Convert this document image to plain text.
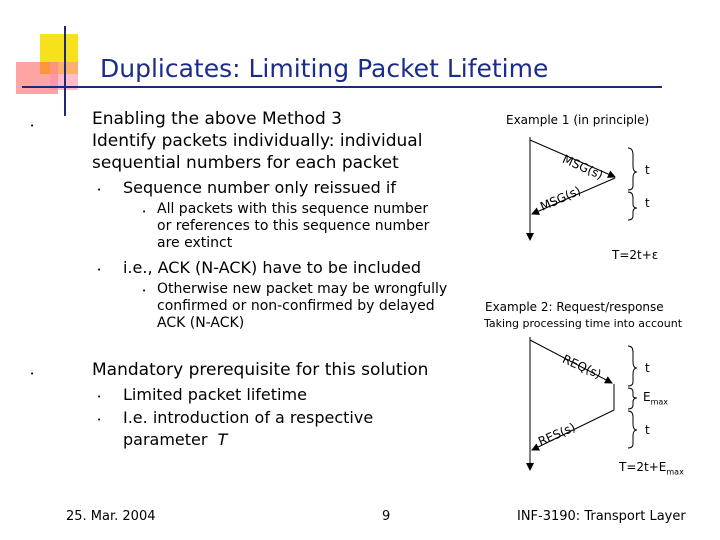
Duplicates: Limiting Packet Lifetime
•	Enabling the above Method 3
Identify packets individually: individual
sequential numbers for each packet
• Sequence number only reissued if
• All packets with this sequence number
or references to this sequence number
are extinct
• i.e., ACK (N-ACK) have to be included
• Otherwise new packet may be wrongfully
confirmed or non-confirmed by delayed
ACK (N-ACK)
•	Mandatory prerequisite for this solution
• Limited packet lifetime
• I.e. introduction of a respective
parameter T
Example 1 (in principle)
MSG(s)
MSG(s)
t
t
T=2t+ε
Example 2: Request/response
Taking processing time into account
REQ(s)
RES(s)
t
$E_{max}$
t
$T=2t+E_{max}$
25. Mar. 2004	9	INF-3190: Transport Layer
